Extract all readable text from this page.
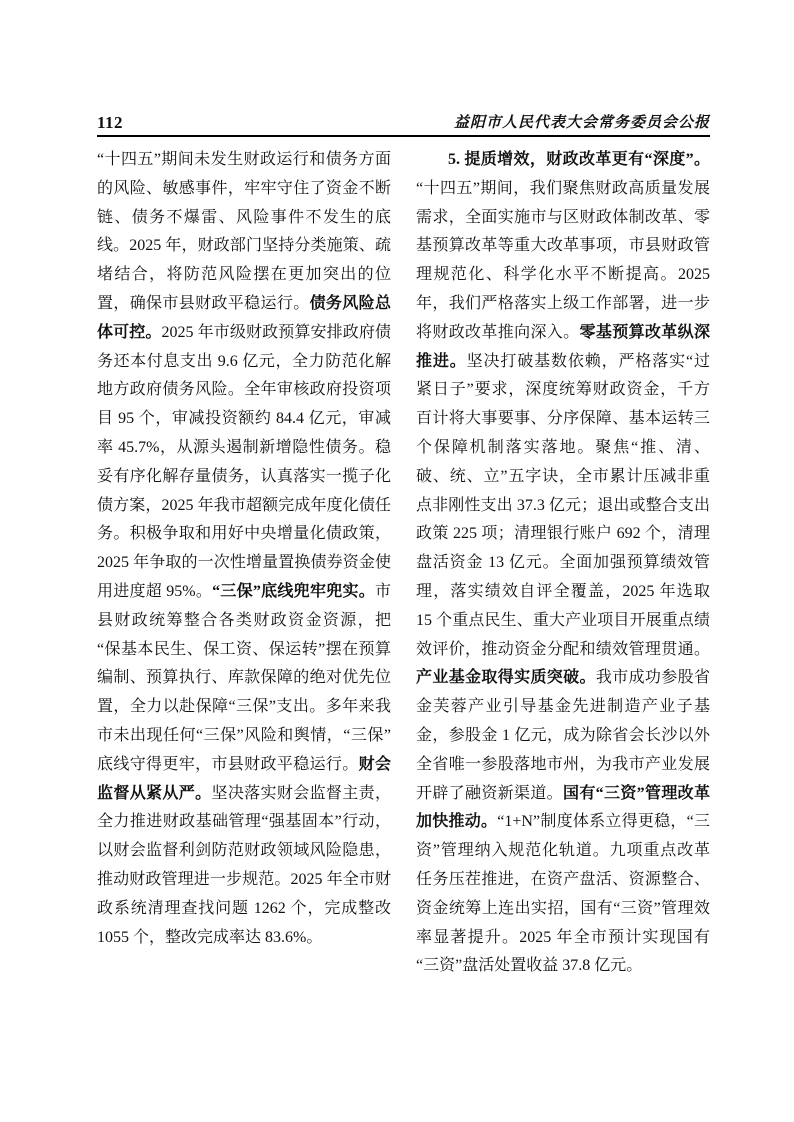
112	益阳市人民代表大会常务委员会公报

“十四五”期间未发生财政运行和债务方面的风险、敏感事件，牢牢守住了资金不断链、债务不爆雷、风险事件不发生的底线。2025 年，财政部门坚持分类施策、疏堵结合，将防范风险摆在更加突出的位置，确保市县财政平稳运行。债务风险总体可控。2025 年市级财政预算安排政府债务还本付息支出 9.6 亿元，全力防范化解地方政府债务风险。全年审核政府投资项目 95 个，审减投资额约 84.4 亿元，审减率 45.7%，从源头遏制新增隐性债务。稳妥有序化解存量债务，认真落实一揽子化债方案，2025 年我市超额完成年度化债任务。积极争取和用好中央增量化债政策，2025 年争取的一次性增量置换债券资金使用进度超 95%。“三保”底线兜牢兜实。市县财政统筹整合各类财政资金资源，把“保基本民生、保工资、保运转”摆在预算编制、预算执行、库款保障的绝对优先位置，全力以赴保障“三保”支出。多年来我市未出现任何“三保”风险和舆情，“三保”底线守得更牢，市县财政平稳运行。财会监督从紧从严。坚决落实财会监督主责，全力推进财政基础管理“强基固本”行动，以财会监督利剑防范财政领域风险隐患，推动财政管理进一步规范。2025 年全市财政系统清理查找问题 1262 个，完成整改 1055 个，整改完成率达 83.6%。

5. 提质增效，财政改革更有“深度”。“十四五”期间，我们聚焦财政高质量发展需求，全面实施市与区财政体制改革、零基预算改革等重大改革事项，市县财政管理规范化、科学化水平不断提高。2025 年，我们严格落实上级工作部署，进一步将财政改革推向深入。零基预算改革纵深推进。坚决打破基数依赖，严格落实“过紧日子”要求，深度统筹财政资金，千方百计将大事要事、分序保障、基本运转三个保障机制落实落地。聚焦“推、清、破、统、立”五字诀，全市累计压减非重点非刚性支出 37.3 亿元；退出或整合支出政策 225 项；清理银行账户 692 个，清理盘活资金 13 亿元。全面加强预算绩效管理，落实绩效自评全覆盖，2025 年选取 15 个重点民生、重大产业项目开展重点绩效评价，推动资金分配和绩效管理贯通。产业基金取得实质突破。我市成功参股省金芙蓉产业引导基金先进制造产业子基金，参股金 1 亿元，成为除省会长沙以外全省唯一参股落地市州，为我市产业发展开辟了融资新渠道。国有“三资”管理改革加快推动。“1+N”制度体系立得更稳，“三资”管理纳入规范化轨道。九项重点改革任务压茬推进，在资产盘活、资源整合、资金统筹上连出实招，国有“三资”管理效率显著提升。2025 年全市预计实现国有“三资”盘活处置收益 37.8 亿元。
